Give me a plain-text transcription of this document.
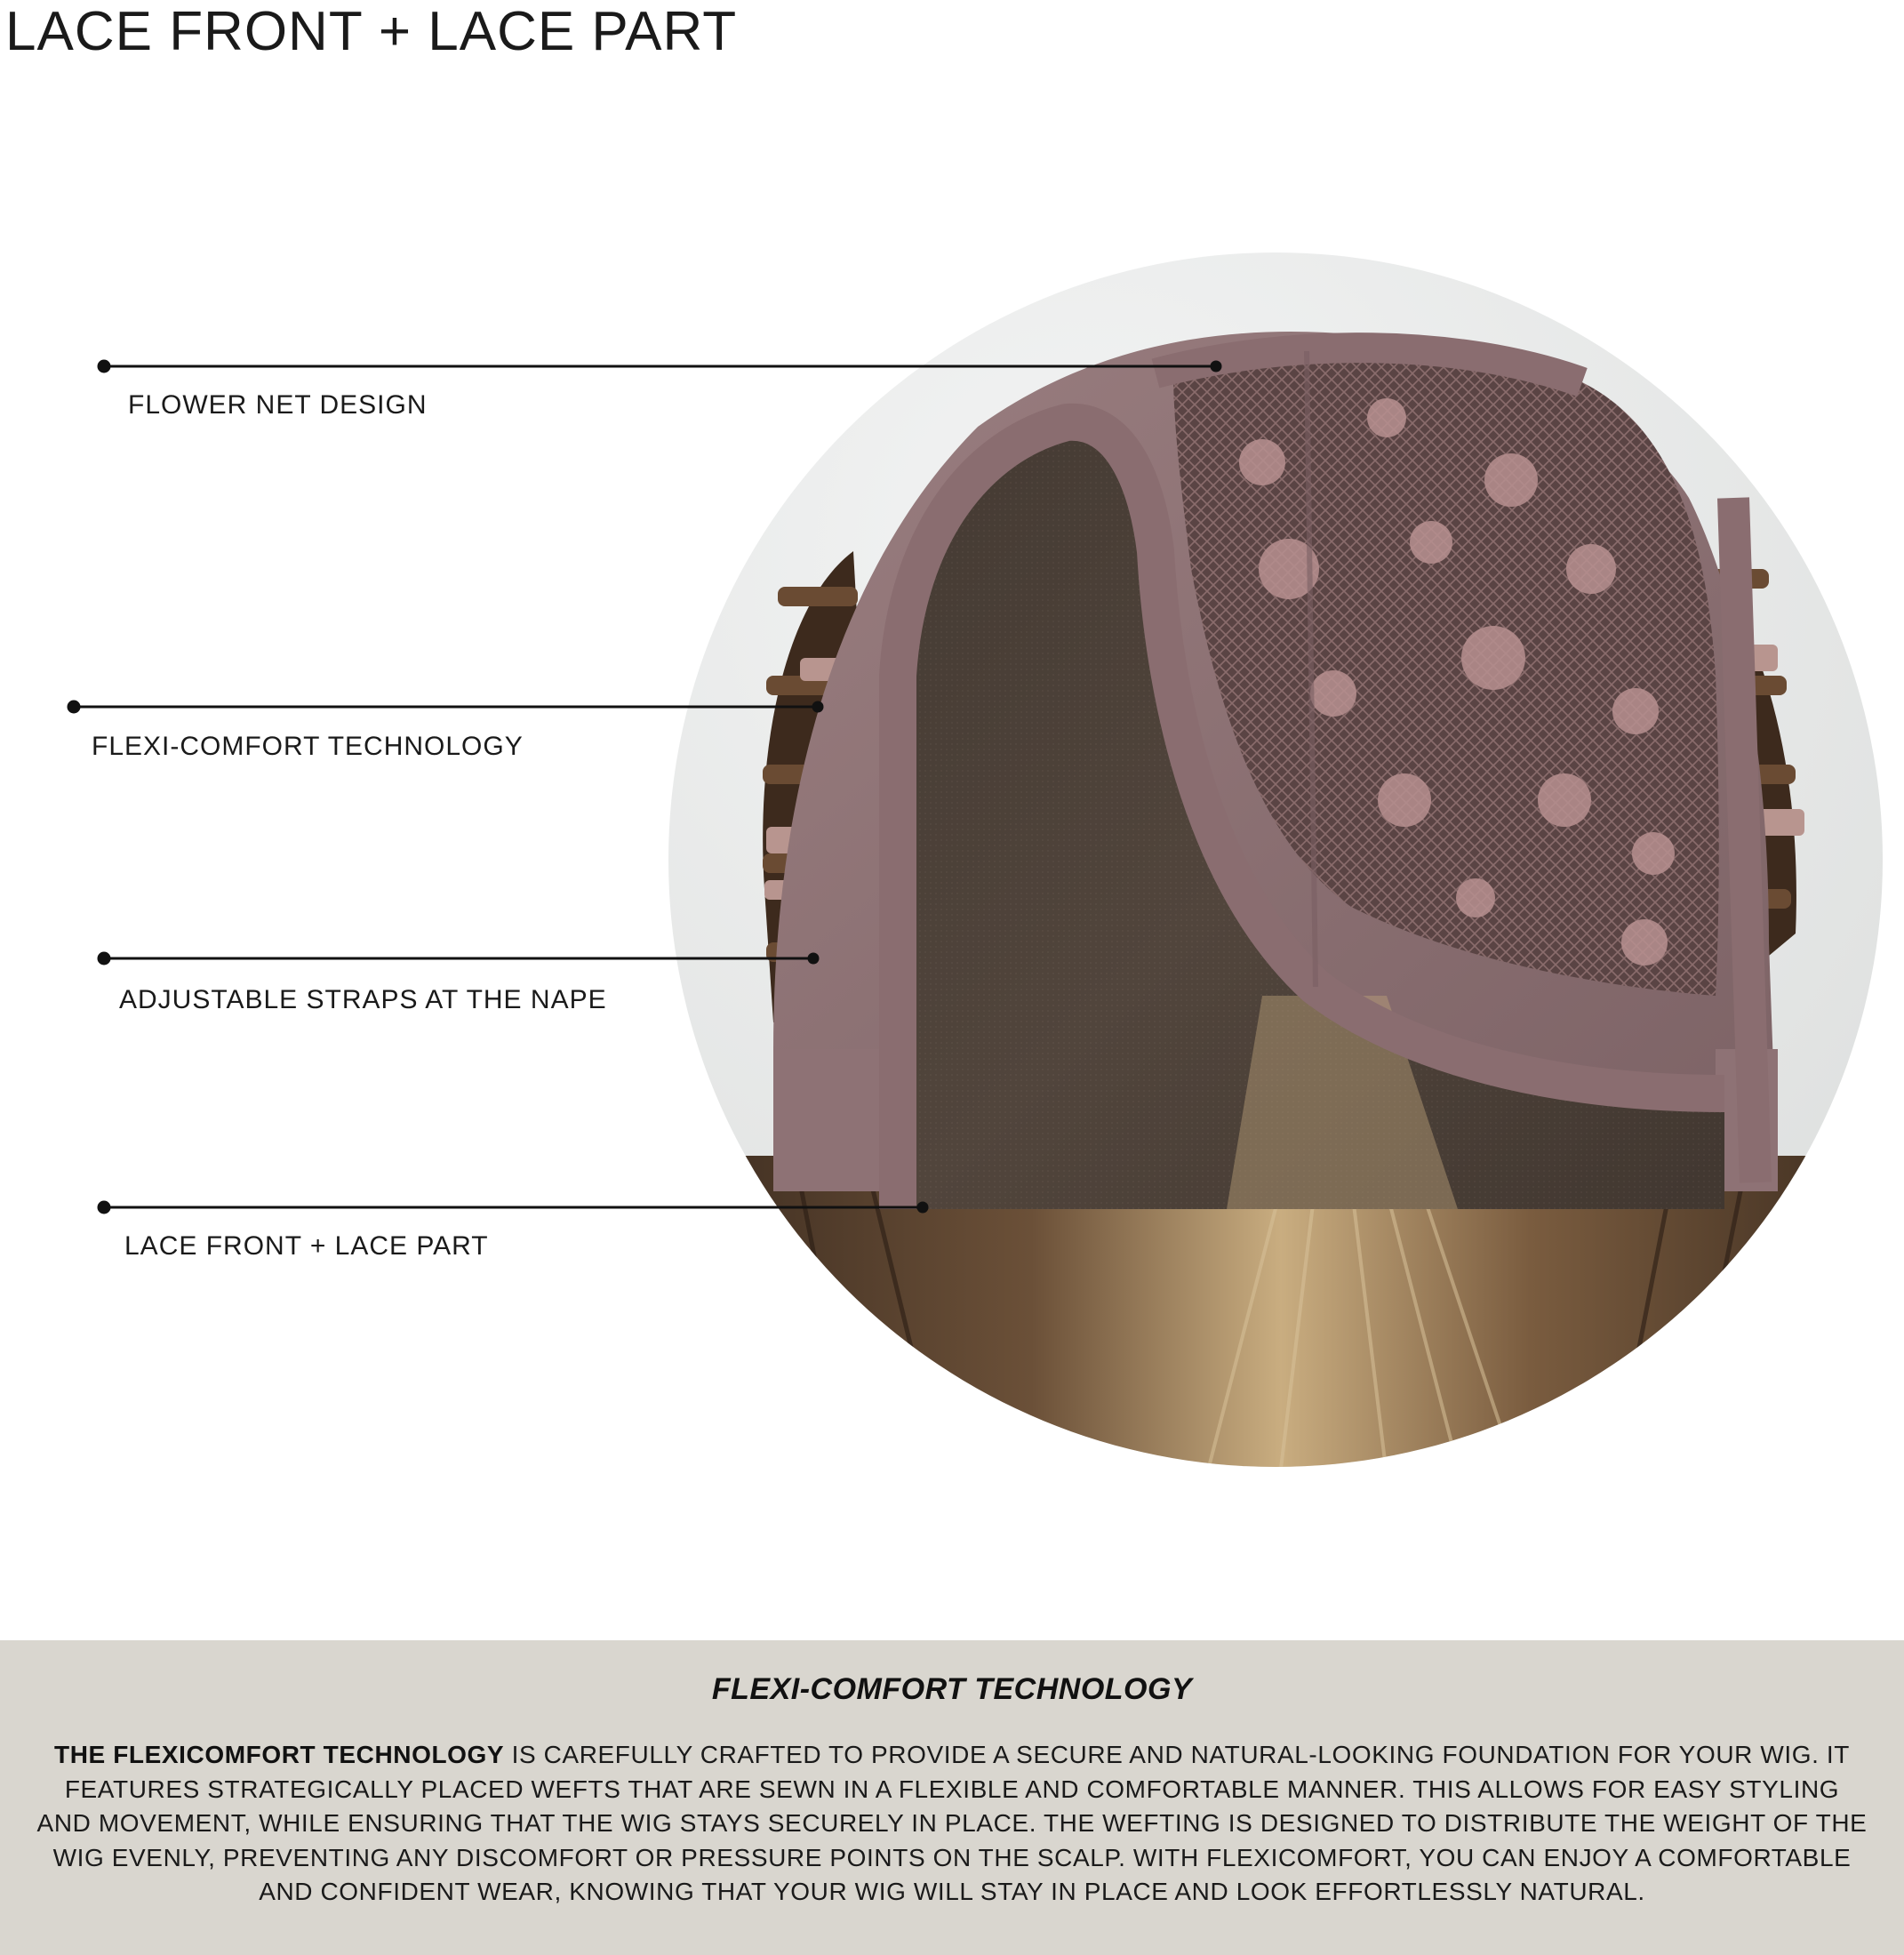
LACE FRONT + LACE PART
FLOWER NET DESIGN
FLEXI-COMFORT TECHNOLOGY
ADJUSTABLE STRAPS AT THE NAPE
LACE FRONT + LACE PART
FLEXI-COMFORT TECHNOLOGY
THE FLEXICOMFORT TECHNOLOGY IS CAREFULLY CRAFTED TO PROVIDE A SECURE AND NATURAL-LOOKING FOUNDATION FOR YOUR WIG. IT FEATURES STRATEGICALLY PLACED WEFTS THAT ARE SEWN IN A FLEXIBLE AND COMFORTABLE MANNER. THIS ALLOWS FOR EASY STYLING AND MOVEMENT, WHILE ENSURING THAT THE WIG STAYS SECURELY IN PLACE. THE WEFTING IS DESIGNED TO DISTRIBUTE THE WEIGHT OF THE WIG EVENLY, PREVENTING ANY DISCOMFORT OR PRESSURE POINTS ON THE SCALP. WITH FLEXICOMFORT, YOU CAN ENJOY A COMFORTABLE AND CONFIDENT WEAR, KNOWING THAT YOUR WIG WILL STAY IN PLACE AND LOOK EFFORTLESSLY NATURAL.
